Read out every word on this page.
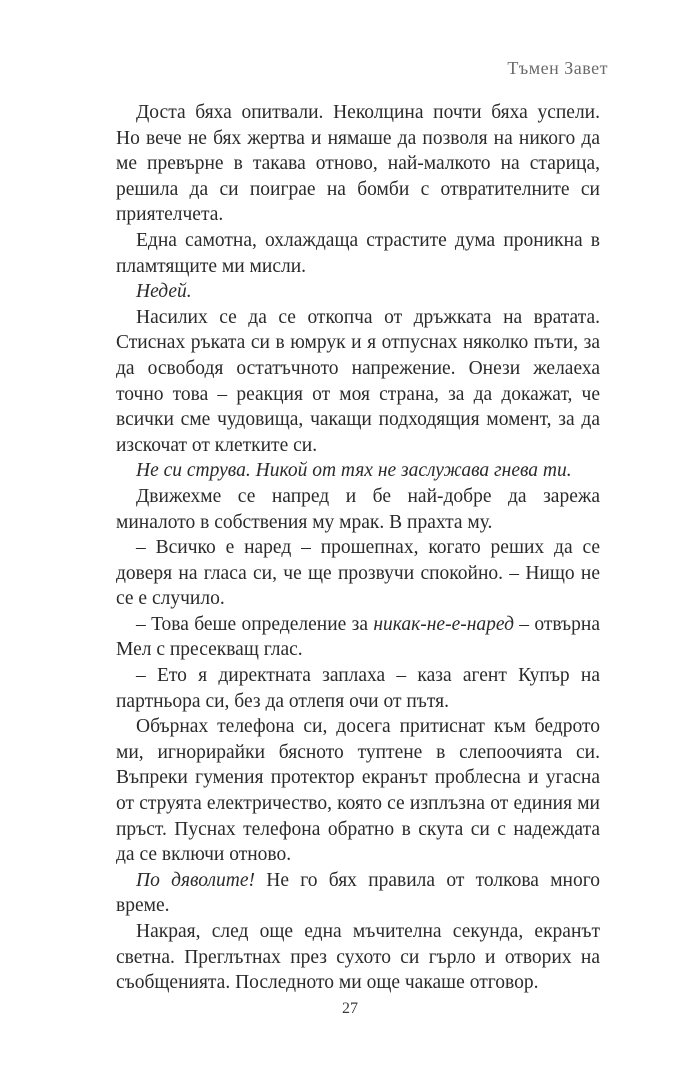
Тъмен Завет

Доста бяха опитвали. Неколцина почти бяха успели. Но вече не бях жертва и нямаше да позволя на никого да ме превърне в такава отново, най-малкото на старица, решила да си поиграе на бомби с отвратителните си приятелчета.

Една самотна, охлаждаща страстите дума проникна в пламтящите ми мисли.

Недей.

Насилих се да се откопча от дръжката на вратата. Стиснах ръката си в юмрук и я отпуснах няколко пъти, за да освободя остатъчното напрежение. Онези желаеха точно това – реакция от моя страна, за да докажат, че всички сме чудовища, чакащи подходящия момент, за да изскочат от клетките си.

Не си струва. Никой от тях не заслужава гнева ти.

Движехме се напред и бе най-добре да зарежа миналото в собствения му мрак. В прахта му.

– Всичко е наред – прошепнах, когато реших да се доверя на гласа си, че ще прозвучи спокойно. – Нищо не се е случило.

– Това беше определение за никак-не-е-наред – отвърна Мел с пресекващ глас.

– Ето я директната заплаха – каза агент Купър на партньора си, без да отлепя очи от пътя.

Обърнах телефона си, досега притиснат към бедрото ми, игнорирайки бясното туптене в слепоочията си. Въпреки гумения протектор екранът проблесна и угасна от струята електричество, която се изплъзна от единия ми пръст. Пуснах телефона обратно в скута си с надеждата да се включи отново.

По дяволите! Не го бях правила от толкова много време.

Накрая, след още една мъчителна секунда, екранът светна. Преглътнах през сухото си гърло и отворих на съобщенията. Последното ми още чакаше отговор.

27
